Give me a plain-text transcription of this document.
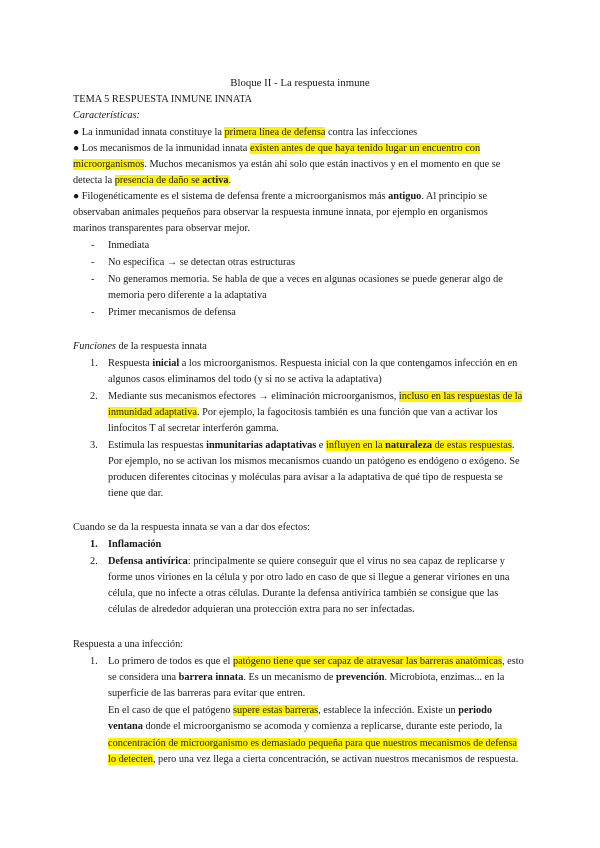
Bloque II - La respuesta inmune
TEMA 5 RESPUESTA INMUNE INNATA
Características:
● La inmunidad innata constituye la primera línea de defensa contra las infecciones
● Los mecanismos de la inmunidad innata existen antes de que haya tenido lugar un encuentro con
microorganismos. Muchos mecanismos ya están ahí solo que están inactivos y en el momento en que se
detecta la presencia de daño se activa.
● Filogenéticamente es el sistema de defensa frente a microorganismos más antiguo. Al principio se
observaban animales pequeños para observar la respuesta inmune innata, por ejemplo en organismos
marinos transparentes para observar mejor.
- Inmediata
- No específica → se detectan otras estructuras
- No generamos memoria. Se habla de que a veces en algunas ocasiones se puede generar algo de
memoria pero diferente a la adaptativa
- Primer mecanismos de defensa
Funciones de la respuesta innata
1. Respuesta inicial a los microorganismos. Respuesta inicial con la que contengamos infección en en
algunos casos eliminamos del todo (y si no se activa la adaptativa)
2. Mediante sus mecanismos efectores → eliminación microorganismos, incluso en las respuestas de la
inmunidad adaptativa. Por ejemplo, la fagocitosis también es una función que van a activar los
linfocitos T al secretar interferón gamma.
3. Estimula las respuestas inmunitarias adaptativas e influyen en la naturaleza de estas respuestas.
Por ejemplo, no se activan los mismos mecanismos cuando un patógeno es endógeno o exógeno. Se
producen diferentes citocinas y moléculas para avisar a la adaptativa de qué tipo de respuesta se
tiene que dar.
Cuando se da la respuesta innata se van a dar dos efectos:
1. Inflamación
2. Defensa antivírica: principalmente se quiere conseguir que el virus no sea capaz de replicarse y
forme unos viriones en la célula y por otro lado en caso de que si llegue a generar viriones en una
célula, que no infecte a otras células. Durante la defensa antivírica también se consigue que las
células de alrededor adquieran una protección extra para no ser infectadas.
Respuesta a una infección:
1. Lo primero de todos es que el patógeno tiene que ser capaz de atravesar las barreras anatómicas, esto
se considera una barrera innata. Es un mecanismo de prevención. Microbiota, enzimas... en la
superficie de las barreras para evitar que entren.
En el caso de que el patógeno supere estas barreras, establece la infección. Existe un periodo
ventana donde el microorganismo se acomoda y comienza a replicarse, durante este periodo, la
concentración de microorganismo es demasiado pequeña para que nuestros mecanismos de defensa
lo detecten, pero una vez llega a cierta concentración, se activan nuestros mecanismos de respuesta.
